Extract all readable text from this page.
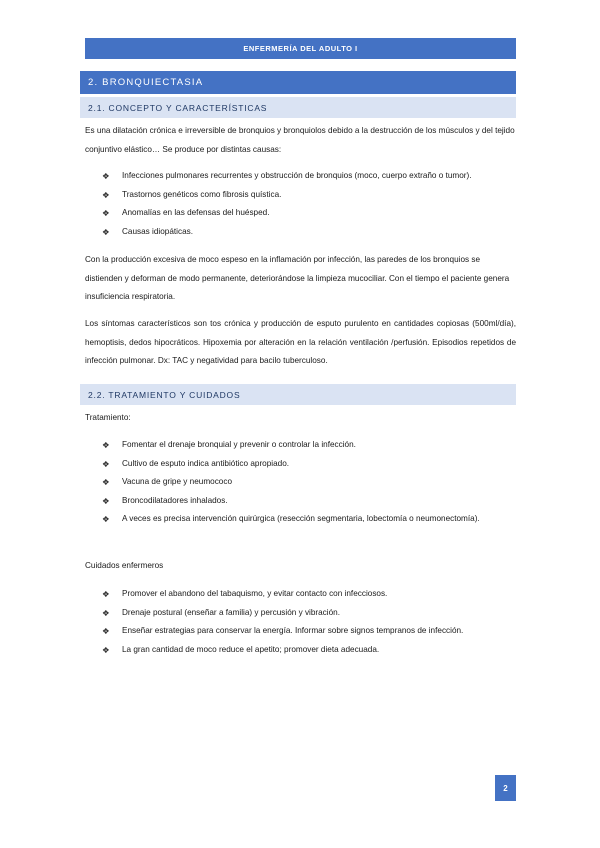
ENFERMERÍA DEL ADULTO I
2. BRONQUIECTASIA
2.1. CONCEPTO Y CARACTERÍSTICAS
Es una dilatación crónica e irreversible de bronquios y bronquiolos debido a la destrucción de los músculos y del tejido conjuntivo elástico… Se produce por distintas causas:
❖ Infecciones pulmonares recurrentes y obstrucción de bronquios (moco, cuerpo extraño o tumor).
❖ Trastornos genéticos como fibrosis quística.
❖ Anomalías en las defensas del huésped.
❖ Causas idiopáticas.
Con la producción excesiva de moco espeso en la inflamación por infección, las paredes de los bronquios se distienden y deforman de modo permanente, deteriorándose la limpieza mucociliar. Con el tiempo el paciente genera insuficiencia respiratoria.
Los síntomas característicos son tos crónica y producción de esputo purulento en cantidades copiosas (500ml/día), hemoptisis, dedos hipocráticos. Hipoxemia por alteración en la relación ventilación /perfusión. Episodios repetidos de infección pulmonar. Dx: TAC y negatividad para bacilo tuberculoso.
2.2. TRATAMIENTO Y CUIDADOS
Tratamiento:
❖ Fomentar el drenaje bronquial y prevenir o controlar la infección.
❖ Cultivo de esputo indica antibiótico apropiado.
❖ Vacuna de gripe y neumococo
❖ Broncodilatadores inhalados.
❖ A veces es precisa intervención quirúrgica (resección segmentaria, lobectomía o neumonectomía).
Cuidados enfermeros
❖ Promover el abandono del tabaquismo, y evitar contacto con infecciosos.
❖ Drenaje postural (enseñar a familia) y percusión y vibración.
❖ Enseñar estrategias para conservar la energía. Informar sobre signos tempranos de infección.
❖ La gran cantidad de moco reduce el apetito; promover dieta adecuada.
2
